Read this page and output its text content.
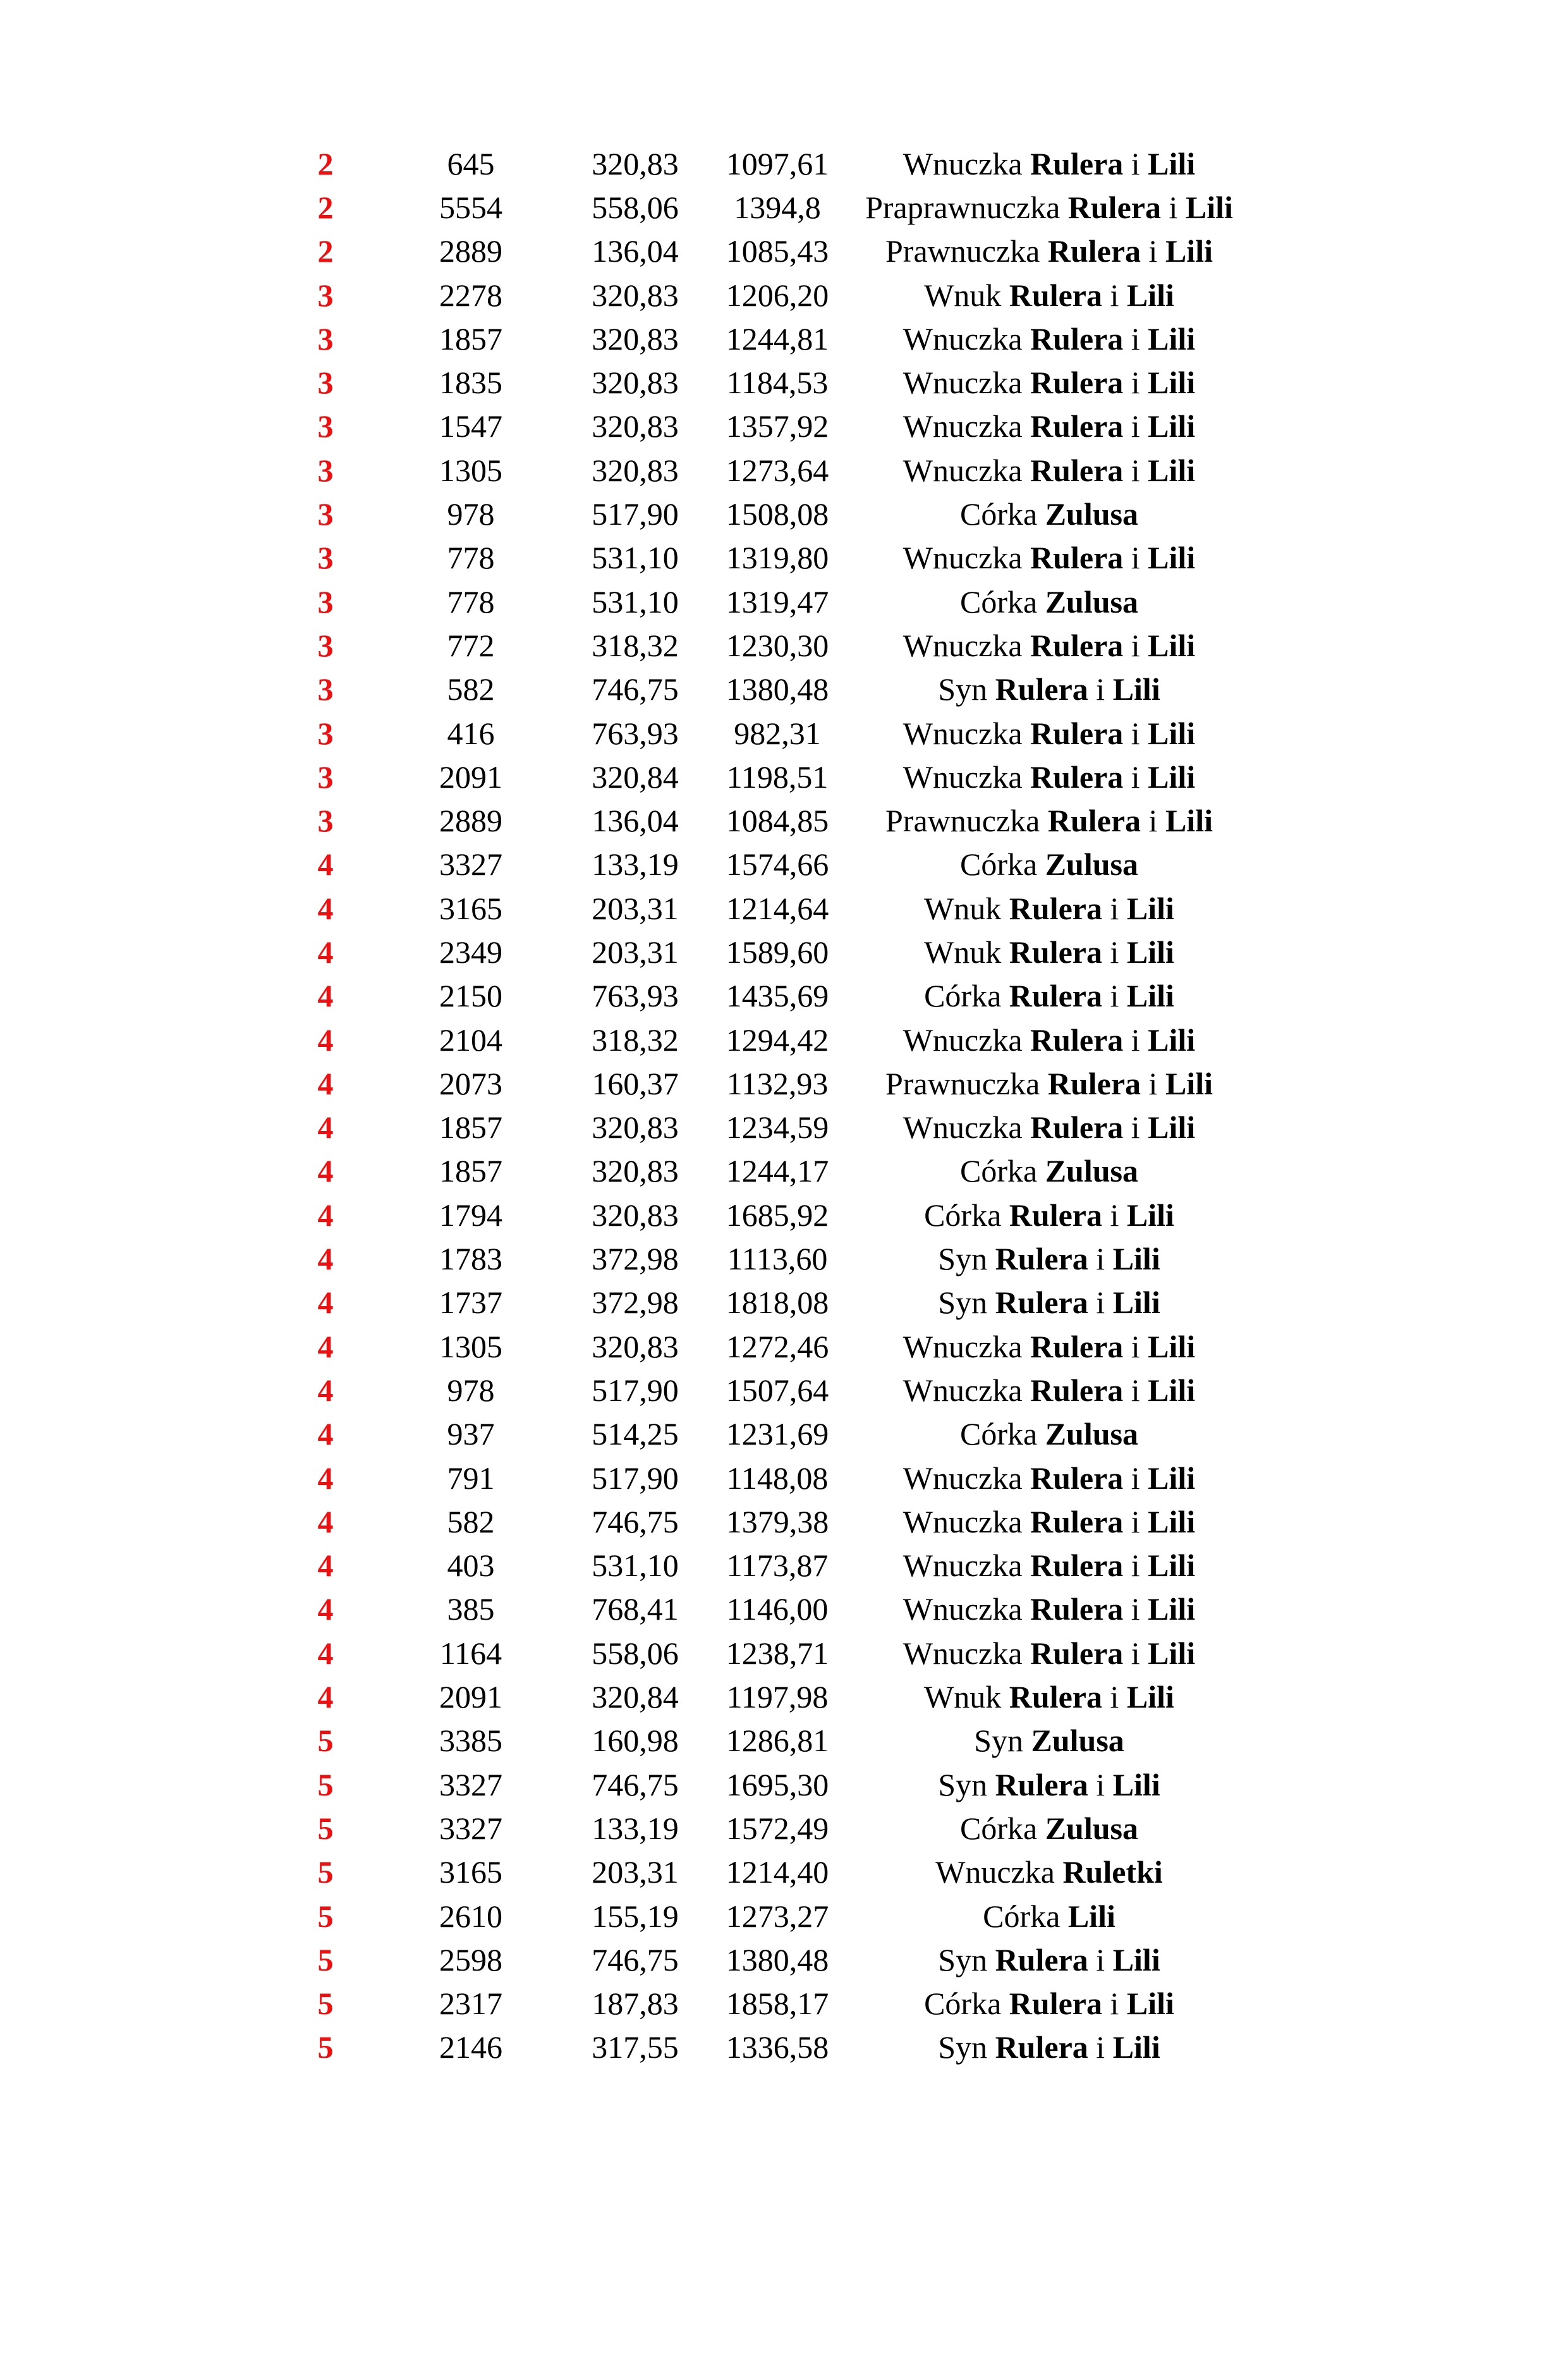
2	645	320,83	1097,61	Wnuczka Rulera i Lili
2	5554	558,06	1394,8	Praprawnuczka Rulera i Lili
2	2889	136,04	1085,43	Prawnuczka Rulera i Lili
3	2278	320,83	1206,20	Wnuk Rulera i Lili
3	1857	320,83	1244,81	Wnuczka Rulera i Lili
3	1835	320,83	1184,53	Wnuczka Rulera i Lili
3	1547	320,83	1357,92	Wnuczka Rulera i Lili
3	1305	320,83	1273,64	Wnuczka Rulera i Lili
3	978	517,90	1508,08	Córka Zulusa
3	778	531,10	1319,80	Wnuczka Rulera i Lili
3	778	531,10	1319,47	Córka Zulusa
3	772	318,32	1230,30	Wnuczka Rulera i Lili
3	582	746,75	1380,48	Syn Rulera i Lili
3	416	763,93	982,31	Wnuczka Rulera i Lili
3	2091	320,84	1198,51	Wnuczka Rulera i Lili
3	2889	136,04	1084,85	Prawnuczka Rulera i Lili
4	3327	133,19	1574,66	Córka Zulusa
4	3165	203,31	1214,64	Wnuk Rulera i Lili
4	2349	203,31	1589,60	Wnuk Rulera i Lili
4	2150	763,93	1435,69	Córka Rulera i Lili
4	2104	318,32	1294,42	Wnuczka Rulera i Lili
4	2073	160,37	1132,93	Prawnuczka Rulera i Lili
4	1857	320,83	1234,59	Wnuczka Rulera i Lili
4	1857	320,83	1244,17	Córka Zulusa
4	1794	320,83	1685,92	Córka Rulera i Lili
4	1783	372,98	1113,60	Syn Rulera i Lili
4	1737	372,98	1818,08	Syn Rulera i Lili
4	1305	320,83	1272,46	Wnuczka Rulera i Lili
4	978	517,90	1507,64	Wnuczka Rulera i Lili
4	937	514,25	1231,69	Córka Zulusa
4	791	517,90	1148,08	Wnuczka Rulera i Lili
4	582	746,75	1379,38	Wnuczka Rulera i Lili
4	403	531,10	1173,87	Wnuczka Rulera i Lili
4	385	768,41	1146,00	Wnuczka Rulera i Lili
4	1164	558,06	1238,71	Wnuczka Rulera i Lili
4	2091	320,84	1197,98	Wnuk Rulera i Lili
5	3385	160,98	1286,81	Syn Zulusa
5	3327	746,75	1695,30	Syn Rulera i Lili
5	3327	133,19	1572,49	Córka Zulusa
5	3165	203,31	1214,40	Wnuczka Ruletki
5	2610	155,19	1273,27	Córka Lili
5	2598	746,75	1380,48	Syn Rulera i Lili
5	2317	187,83	1858,17	Córka Rulera i Lili
5	2146	317,55	1336,58	Syn Rulera i Lili
